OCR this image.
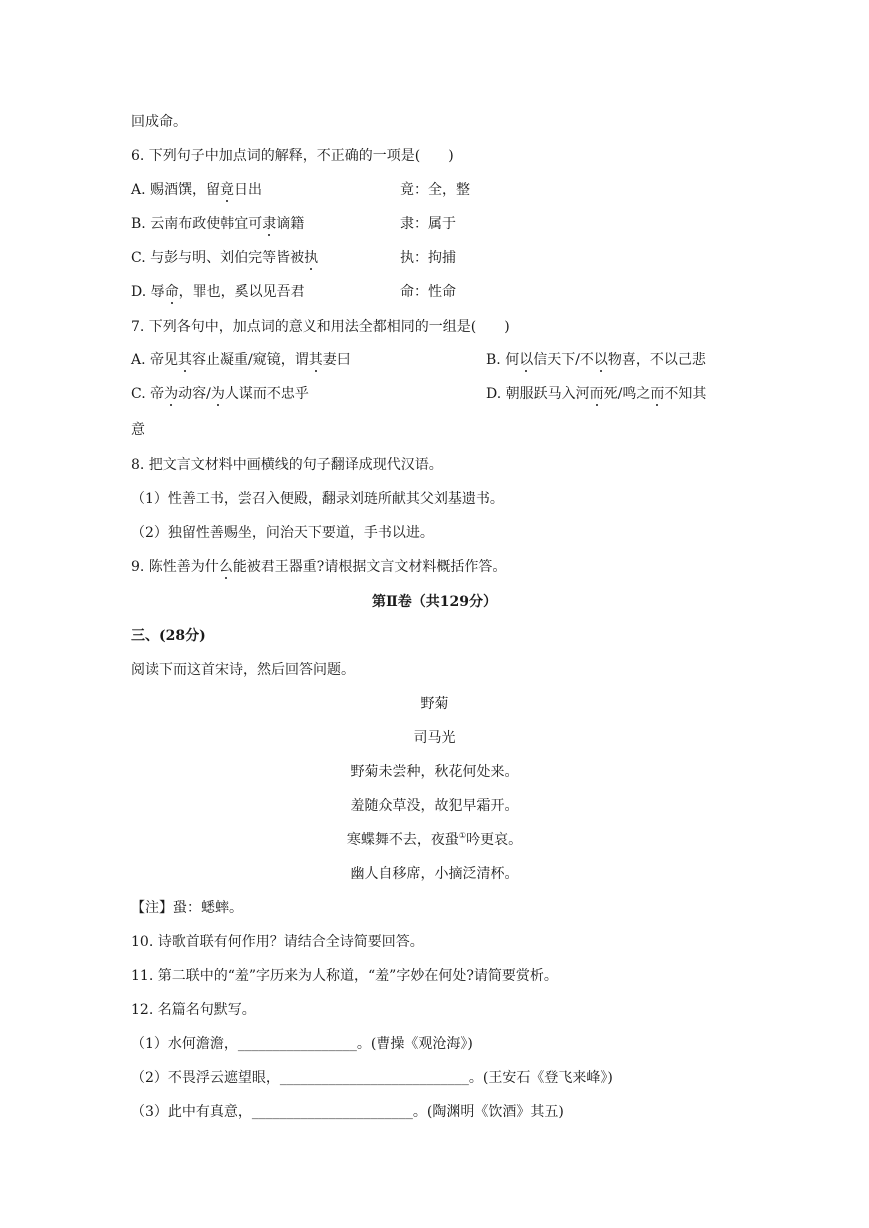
回成命。
6. 下列句子中加点词的解释，不正确的一项是(　　)
A. 赐酒馔，留竟日出	竟：全，整
B. 云南布政使韩宜可隶谪籍	隶：属于
C. 与彭与明、刘伯完等皆被执	执：拘捕
D. 辱命，罪也，奚以见吾君	命：性命
7. 下列各句中，加点词的意义和用法全都相同的一组是(　　)
A. 帝见其容止凝重/窥镜，谓其妻曰	B. 何以信天下/不以物喜，不以己悲
C. 帝为动容/为人谋而不忠乎	D. 朝服跃马入河而死/鸣之而不知其
意
8. 把文言文材料中画横线的句子翻译成现代汉语。
（1）性善工书，尝召入便殿，翻录刘琏所献其父刘基遗书。
（2）独留性善赐坐，问治天下要道，手书以进。
9. 陈性善为什么能被君王器重?请根据文言文材料概括作答。
第Ⅱ卷（共129分）
三、(28分)
阅读下而这首宋诗，然后回答问题。
野菊
司马光
野菊未尝种，秋花何处来。
羞随众草没，故犯早霜开。
寒蝶舞不去，夜蛩①吟更哀。
幽人自移席，小摘泛清杯。
【注】蛩：蟋蟀。
10. 诗歌首联有何作用？请结合全诗简要回答。
11. 第二联中的“羞”字历来为人称道，“羞”字妙在何处?请简要赏析。
12. 名篇名句默写。
（1）水何澹澹，_________________。(曹操《观沧海》)
（2）不畏浮云遮望眼，___________________________。(王安石《登飞来峰》)
（3）此中有真意，_______________________。(陶渊明《饮酒》其五)
